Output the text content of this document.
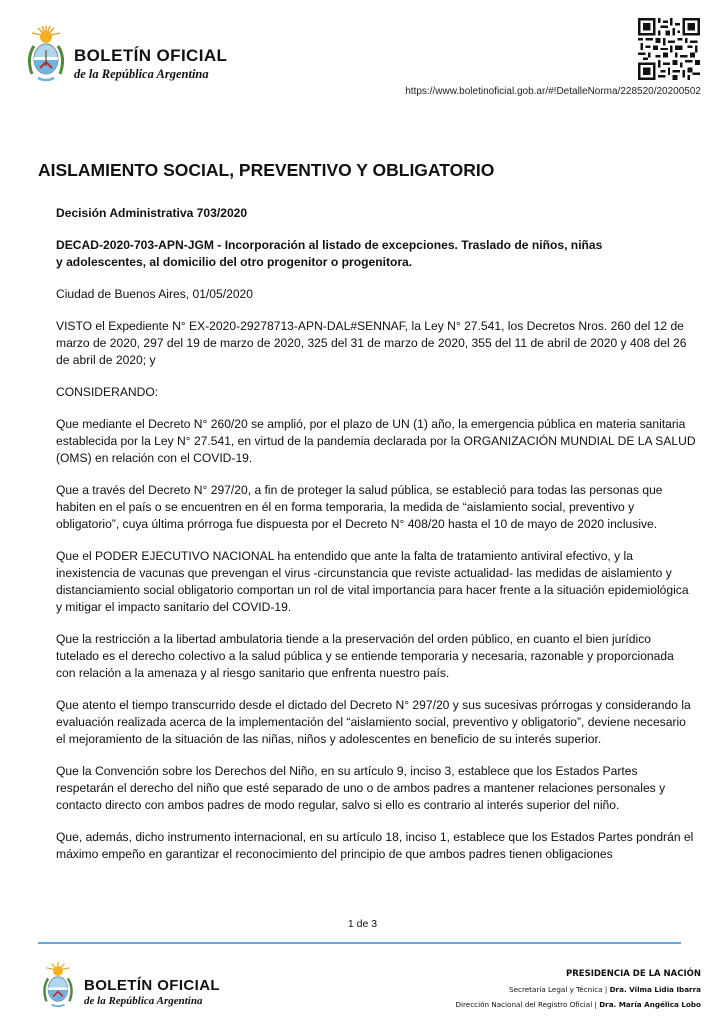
BOLETÍN OFICIAL
de la República Argentina
https://www.boletinoficial.gob.ar/#!DetalleNorma/228520/20200502
AISLAMIENTO SOCIAL, PREVENTIVO Y OBLIGATORIO

Decisión Administrativa 703/2020

DECAD-2020-703-APN-JGM - Incorporación al listado de excepciones. Traslado de niños, niñas
y adolescentes, al domicilio del otro progenitor o progenitora.

Ciudad de Buenos Aires, 01/05/2020

VISTO el Expediente N° EX-2020-29278713-APN-DAL#SENNAF, la Ley N° 27.541, los Decretos Nros. 260 del 12 de marzo de 2020, 297 del 19 de marzo de 2020, 325 del 31 de marzo de 2020, 355 del 11 de abril de 2020 y 408 del 26 de abril de 2020; y

CONSIDERANDO:

Que mediante el Decreto N° 260/20 se amplió, por el plazo de UN (1) año, la emergencia pública en materia sanitaria establecida por la Ley N° 27.541, en virtud de la pandemia declarada por la ORGANIZACIÓN MUNDIAL DE LA SALUD (OMS) en relación con el COVID-19.

Que a través del Decreto N° 297/20, a fin de proteger la salud pública, se estableció para todas las personas que habiten en el país o se encuentren en él en forma temporaria, la medida de “aislamiento social, preventivo y obligatorio”, cuya última prórroga fue dispuesta por el Decreto N° 408/20 hasta el 10 de mayo de 2020 inclusive.

Que el PODER EJECUTIVO NACIONAL ha entendido que ante la falta de tratamiento antiviral efectivo, y la inexistencia de vacunas que prevengan el virus -circunstancia que reviste actualidad- las medidas de aislamiento y distanciamiento social obligatorio comportan un rol de vital importancia para hacer frente a la situación epidemiológica y mitigar el impacto sanitario del COVID-19.

Que la restricción a la libertad ambulatoria tiende a la preservación del orden público, en cuanto el bien jurídico tutelado es el derecho colectivo a la salud pública y se entiende temporaria y necesaria, razonable y proporcionada con relación a la amenaza y al riesgo sanitario que enfrenta nuestro país.

Que atento el tiempo transcurrido desde el dictado del Decreto N° 297/20 y sus sucesivas prórrogas y considerando la evaluación realizada acerca de la implementación del “aislamiento social, preventivo y obligatorio”, deviene necesario el mejoramiento de la situación de las niñas, niños y adolescentes en beneficio de su interés superior.

Que la Convención sobre los Derechos del Niño, en su artículo 9, inciso 3, establece que los Estados Partes respetarán el derecho del niño que esté separado de uno o de ambos padres a mantener relaciones personales y contacto directo con ambos padres de modo regular, salvo si ello es contrario al interés superior del niño.

Que, además, dicho instrumento internacional, en su artículo 18, inciso 1, establece que los Estados Partes pondrán el máximo empeño en garantizar el reconocimiento del principio de que ambos padres tienen obligaciones

1 de 3
BOLETÍN OFICIAL
de la República Argentina
PRESIDENCIA DE LA NACIÓN
Secretaría Legal y Técnica | Dra. Vilma Lidia Ibarra
Dirección Nacional del Registro Oficial | Dra. María Angélica Lobo
